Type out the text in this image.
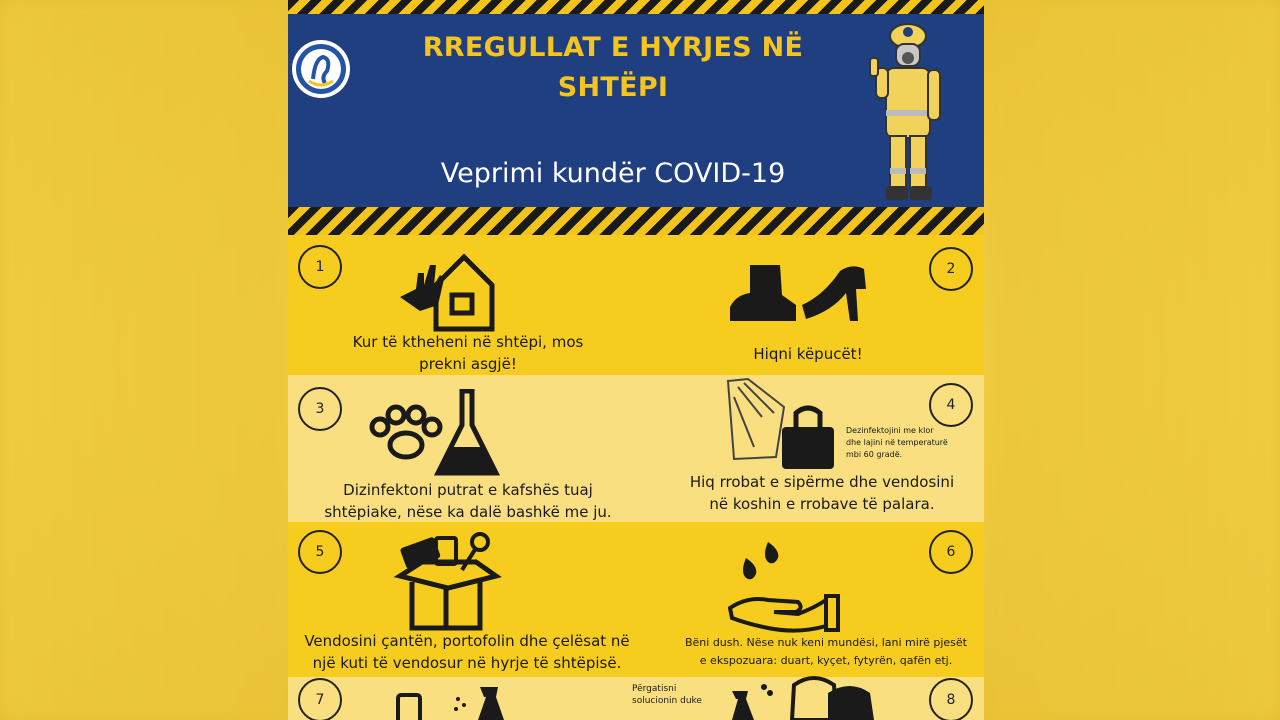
RREGULLAT E HYRJES NË
SHTËPI
Veprimi kundër COVID-19
1
Kur të ktheheni në shtëpi, mos
prekni asgjë!
2
Hiqni këpucët!
3
Dizinfektoni putrat e kafshës tuaj
shtëpiake, nëse ka dalë bashkë me ju.
4
Dezinfektojini me klor
dhe lajini në temperaturë
mbi 60 gradë.
Hiq rrobat e sipërme dhe vendosini
në koshin e rrobave të palara.
5
Vendosini çantën, portofolin dhe çelësat në
një kuti të vendosur në hyrje të shtëpisë.
6
Bëni dush. Nëse nuk keni mundësi, lani mirë pjesët
e ekspozuara: duart, kyçet, fytyrën, qafën etj.
7
Përgatisni
solucionin duke	8
